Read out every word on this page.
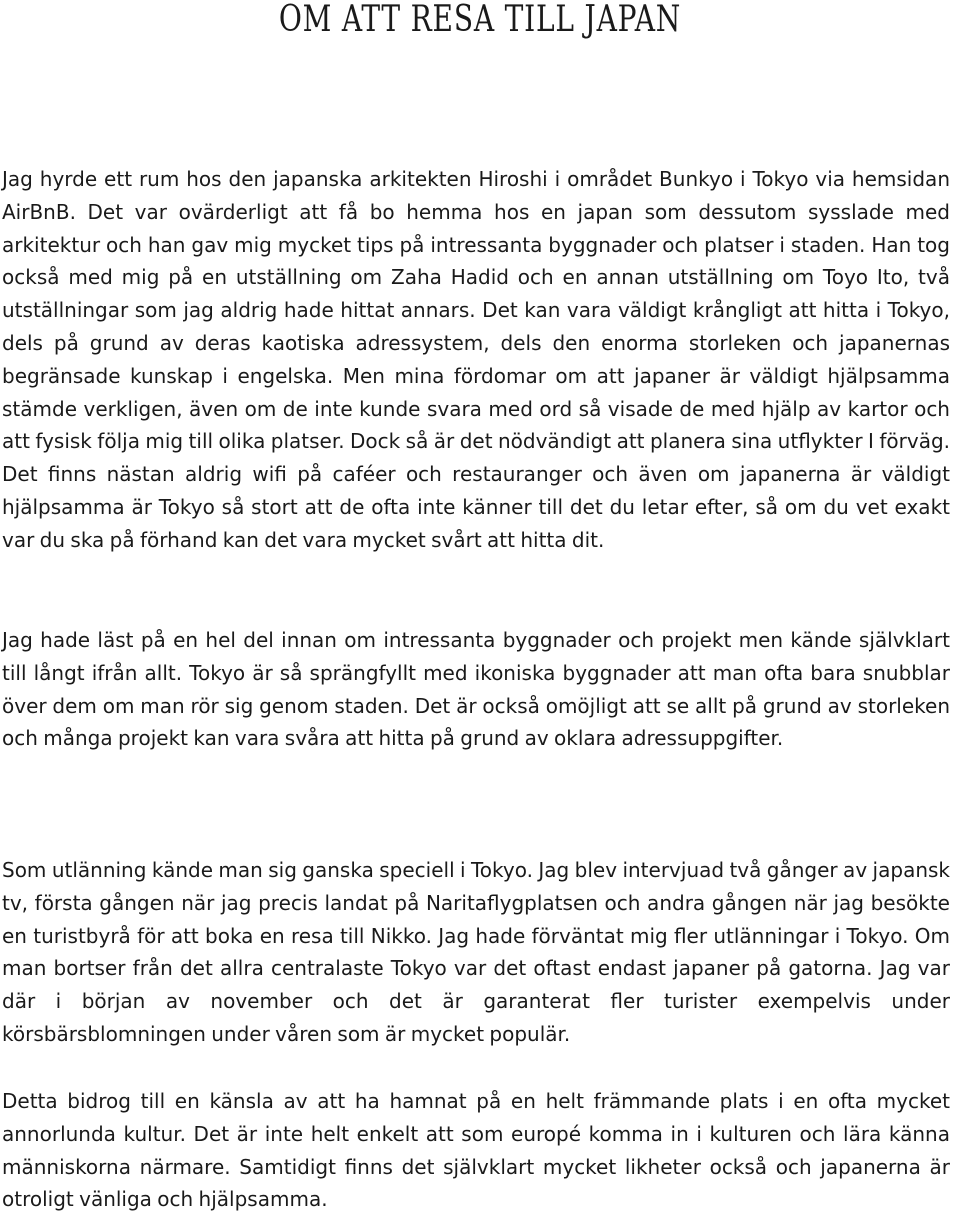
OM ATT RESA TILL JAPAN

Jag hyrde ett rum hos den japanska arkitekten Hiroshi i området Bunkyo i Tokyo via hemsidan AirBnB. Det var ovärderligt att få bo hemma hos en japan som dessutom sysslade med arkitektur och han gav mig mycket tips på intressanta byggnader och platser i staden. Han tog också med mig på en utställning om Zaha Hadid och en annan utställning om Toyo Ito, två utställningar som jag aldrig hade hittat annars. Det kan vara väldigt krångligt att hitta i Tokyo, dels på grund av deras kaotiska adressystem, dels den enorma storleken och japanernas begränsade kunskap i engelska. Men mina fördomar om att japaner är väldigt hjälpsamma stämde verkligen, även om de inte kunde svara med ord så visade de med hjälp av kartor och att fysisk följa mig till olika platser. Dock så är det nödvändigt att planera sina utflykter I förväg. Det finns nästan aldrig wifi på caféer och restauranger och även om japanerna är väldigt hjälpsamma är Tokyo så stort att de ofta inte känner till det du letar efter, så om du vet exakt var du ska på förhand kan det vara mycket svårt att hitta dit.

Jag hade läst på en hel del innan om intressanta byggnader och projekt men kände självklart till långt ifrån allt. Tokyo är så sprängfyllt med ikoniska byggnader att man ofta bara snubblar över dem om man rör sig genom staden. Det är också omöjligt att se allt på grund av storleken och många projekt kan vara svåra att hitta på grund av oklara adressuppgifter.

Som utlänning kände man sig ganska speciell i Tokyo. Jag blev intervjuad två gånger av japansk tv, första gången när jag precis landat på Naritaflygplatsen och andra gången när jag besökte en turistbyrå för att boka en resa till Nikko. Jag hade förväntat mig fler utlänningar i Tokyo. Om man bortser från det allra centralaste Tokyo var det oftast endast japaner på gatorna. Jag var där i början av november och det är garanterat fler turister exempelvis under körsbärsblomningen under våren som är mycket populär.

Detta bidrog till en känsla av att ha hamnat på en helt främmande plats i en ofta mycket annorlunda kultur. Det är inte helt enkelt att som europé komma in i kulturen och lära känna människorna närmare. Samtidigt finns det självklart mycket likheter också och japanerna är otroligt vänliga och hjälpsamma.
